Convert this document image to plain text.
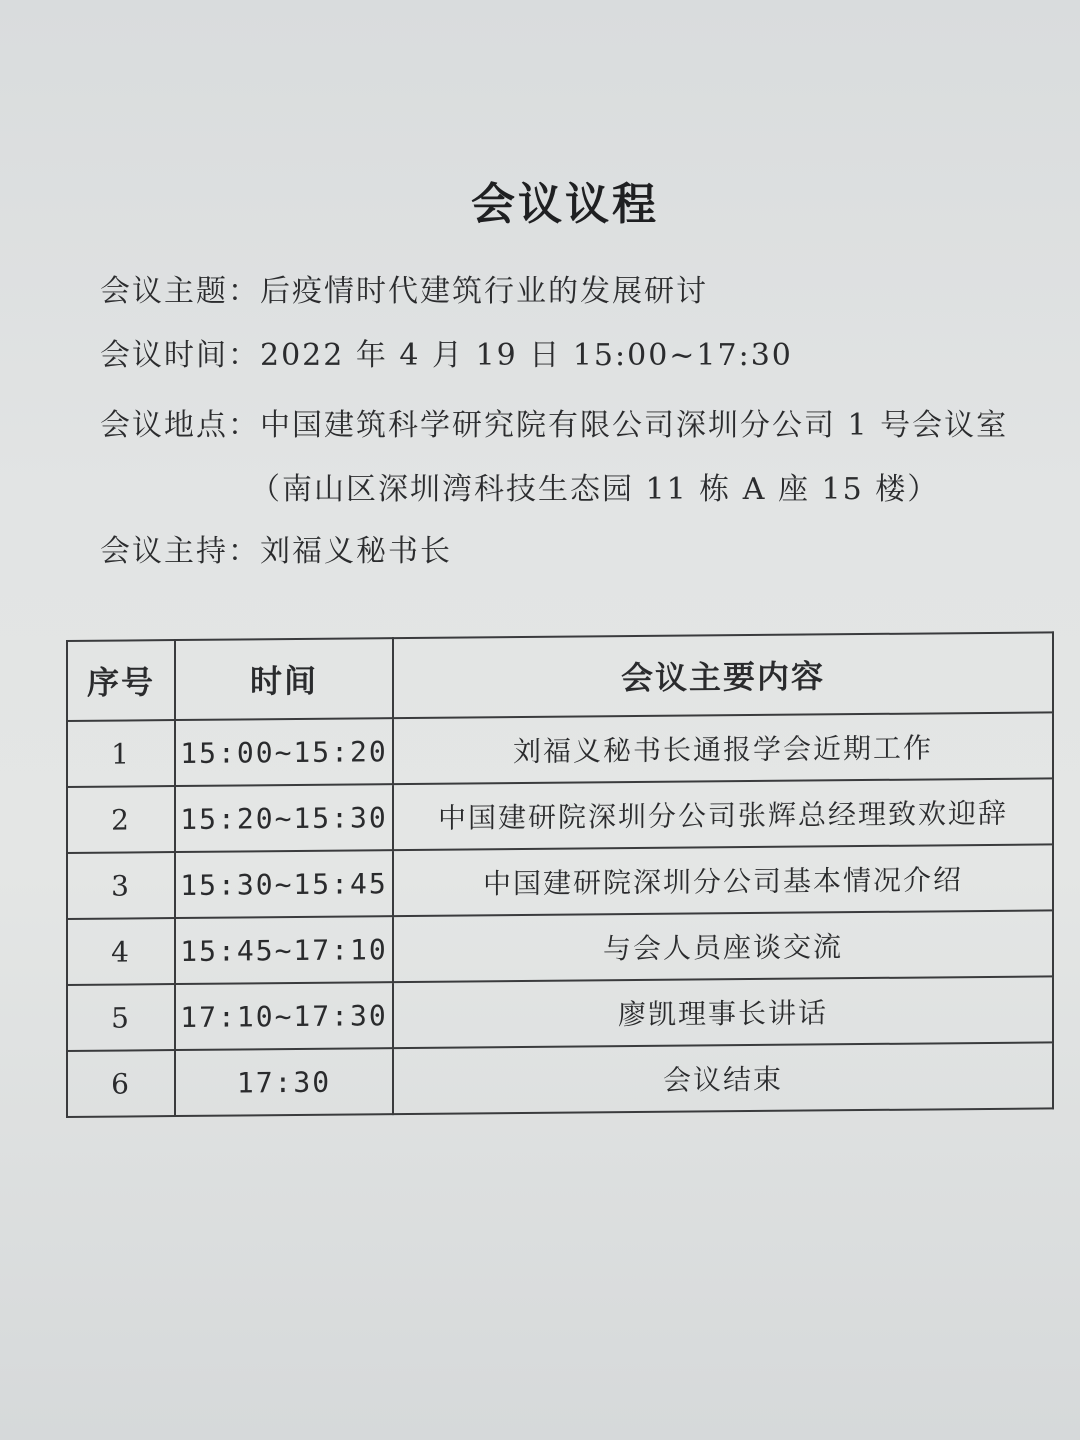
会议议程
会议主题：后疫情时代建筑行业的发展研讨
会议时间：2022 年 4 月 19 日 15:00~17:30
会议地点：中国建筑科学研究院有限公司深圳分公司 1 号会议室
（南山区深圳湾科技生态园 11 栋 A 座 15 楼）
会议主持：刘福义秘书长
序号	时间	会议主要内容
1	15:00~15:20	刘福义秘书长通报学会近期工作
2	15:20~15:30	中国建研院深圳分公司张辉总经理致欢迎辞
3	15:30~15:45	中国建研院深圳分公司基本情况介绍
4	15:45~17:10	与会人员座谈交流
5	17:10~17:30	廖凯理事长讲话
6	17:30	会议结束
